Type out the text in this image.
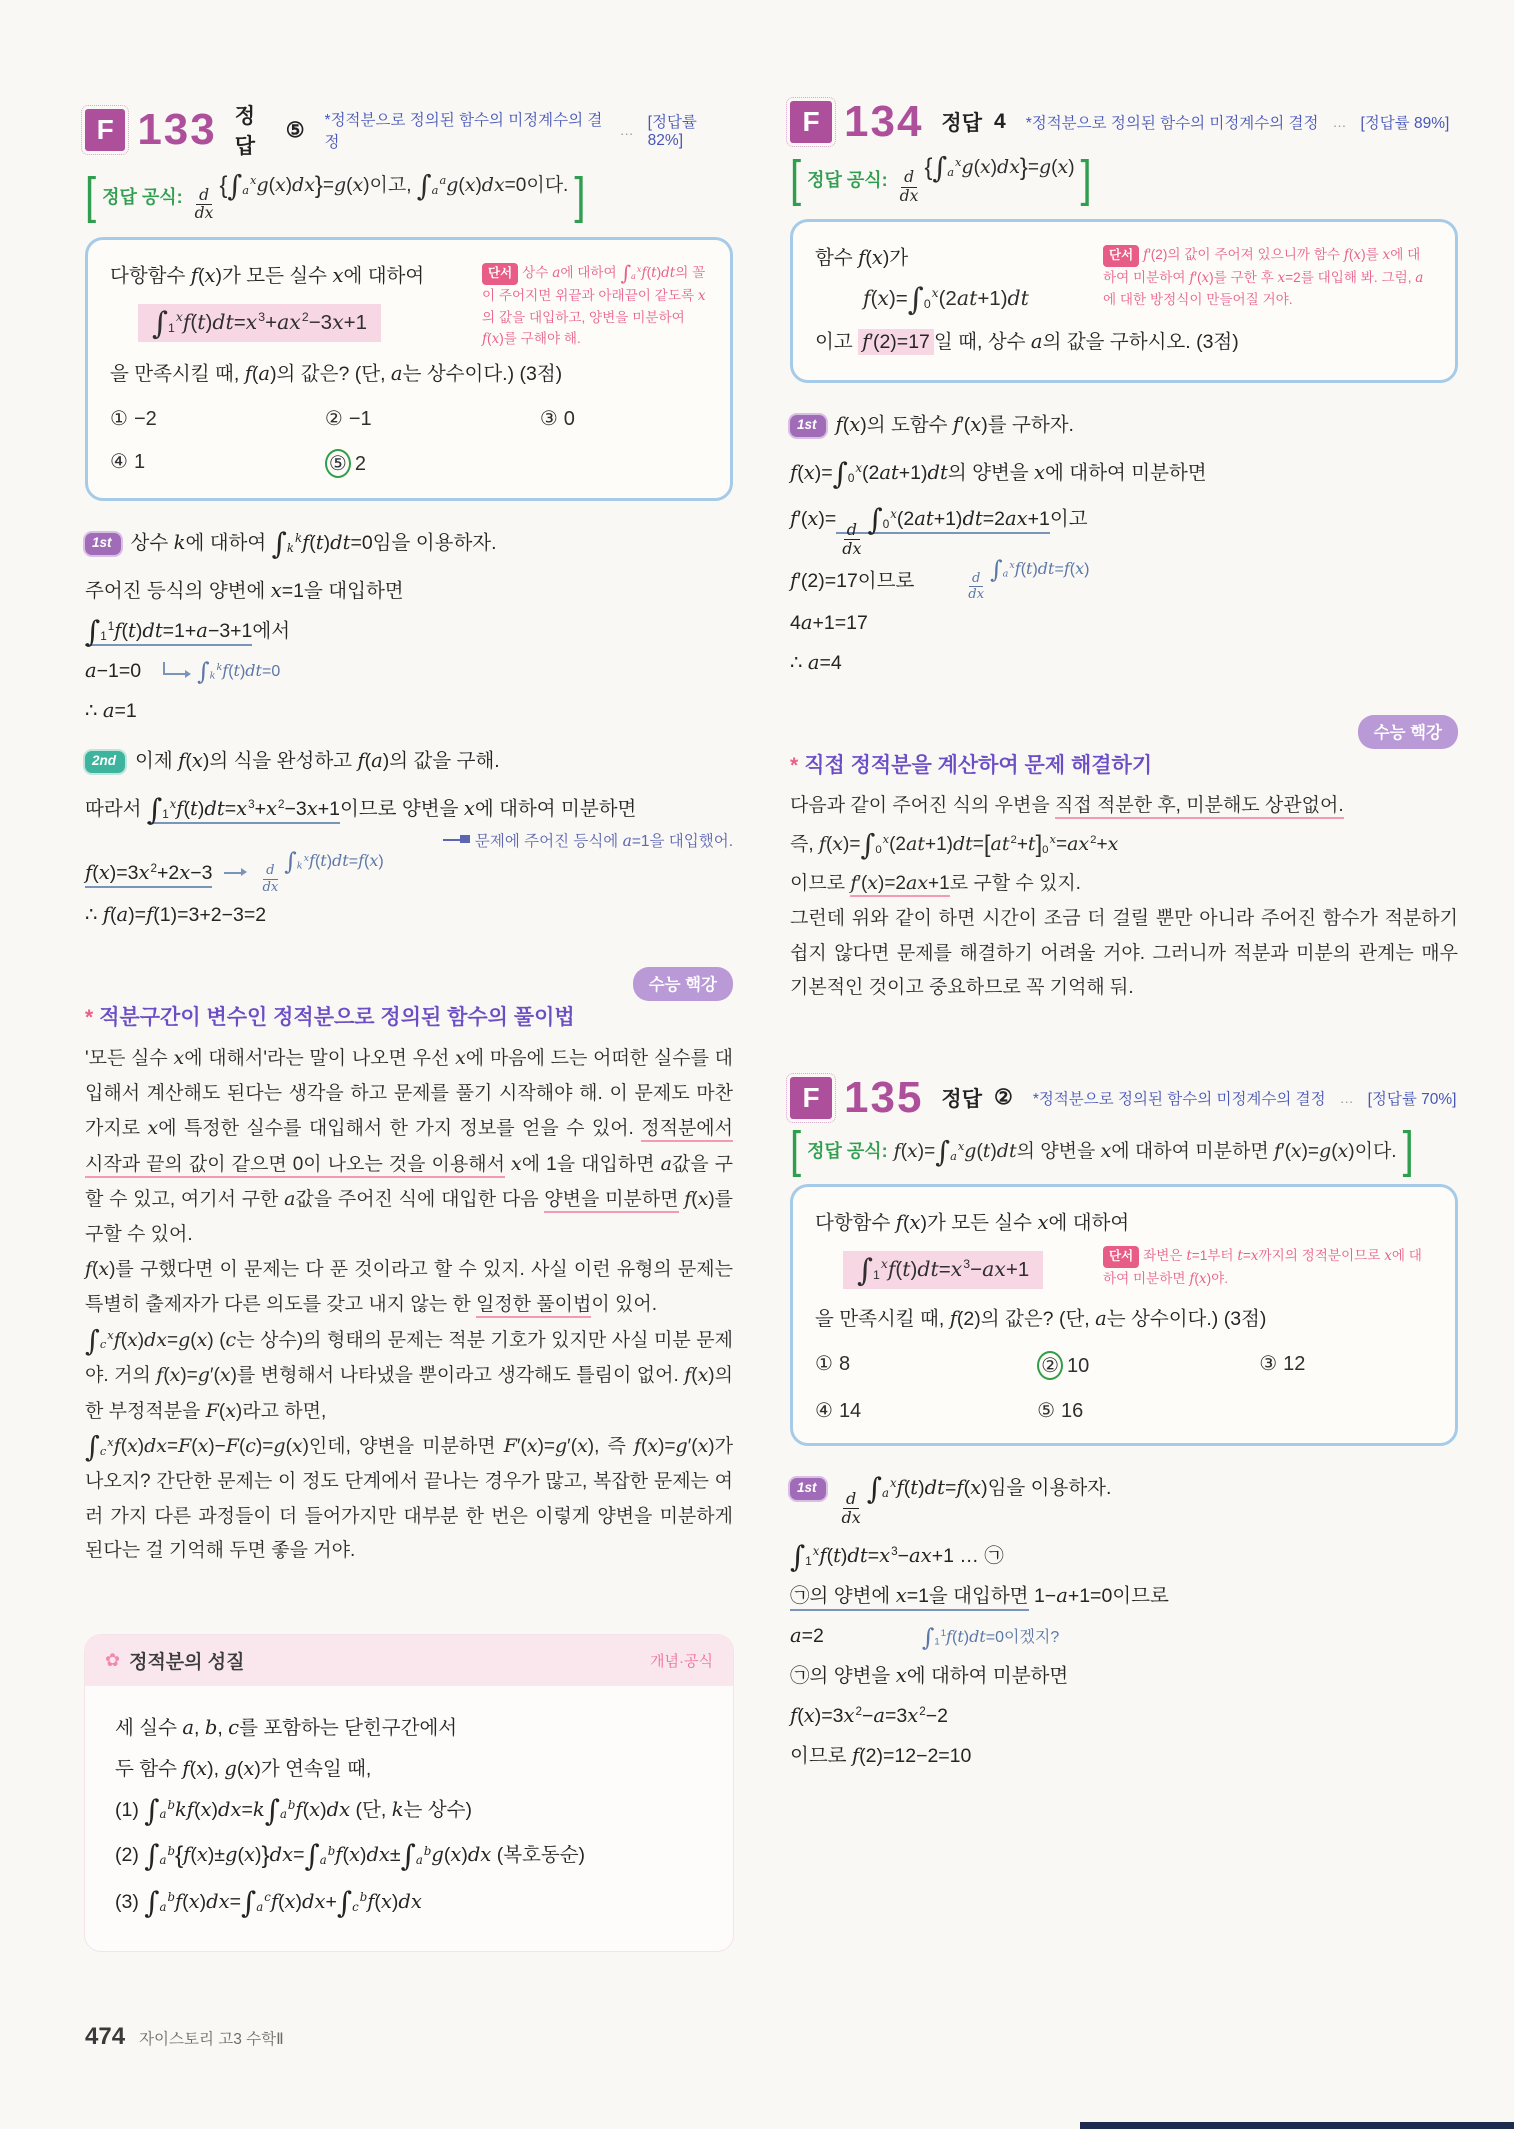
F 133 정답
⑤ *정적분으로 정의된 함수의 미정계수의 결정
… [정답률 82%]
[ 정답 공식: $\frac{d}{dx}$
$\{\int_a^xg(x)dx\}=g(x)$이고, $\int_a^ag(x)dx=0$이다. ]
다항함수 f(x)가 모든 실수 x에 대하여
$\int_1^xf(t)dt=x^3+ax^2-3x+1$
단서 상수 a에 대하여 $\int_a^xf(t)dt$의 꼴이 주어지면 위끝과 아래끝이 같도록 x의 값을 대입하고, 양변을 미분하여 f(x)를 구해야 해.
을 만족시킬 때, f(a)의 값은? (단, a는 상수이다.) (3점)
① −2	② −1	③ 0
④ 1	⑤ 2
1st 상수 k에 대하여 $\int_k^kf(t)dt=0$임을 이용하자.
주어진 등식의 양변에 x=1을 대입하면
$\int_1^1f(t)dt=1+a-3+1$에서
a−1=0 $\int_k^kf(t)dt=0$
∴ a=1
2nd 이제 f(x)의 식을 완성하고 f(a)의 값을 구해.
따라서 $\int_1^xf(t)dt=x^3+x^2-3x+1$이므로 양변을 x에 대하여 미분하면
문제에 주어진 등식에 a=1을 대입했어.
$f(x)=3x^2+2x-3$	$\frac{d}{dx}$
$\int_k^xf(t)dt=f(x)$
∴ f(a)=f(1)=3+2−3=2
수능 핵강
* 적분구간이 변수인 정적분으로 정의된 함수의 풀이법

'모든 실수 x에 대해서'라는 말이 나오면 우선 x에 마음에 드는 어떠한 실수를 대입해서 계산해도 된다는 생각을 하고 문제를 풀기 시작해야 해. 이 문제도 마찬가지로 x에 특정한 실수를 대입해서 한 가지 정보를 얻을 수 있어. 정적분에서 시작과 끝의 값이 같으면 0이 나오는 것을 이용해서 x에 1을 대입하면 a값을 구할 수 있고, 여기서 구한 a값을 주어진 식에 대입한 다음 양변을 미분하면 f(x)를 구할 수 있어.

f(x)를 구했다면 이 문제는 다 푼 것이라고 할 수 있지. 사실 이런 유형의 문제는 특별히 출제자가 다른 의도를 갖고 내지 않는 한 일정한 풀이법이 있어.

$\int_c^xf(x)dx=g(x)$ (c는 상수)의 형태의 문제는 적분 기호가 있지만 사실 미분 문제야. 거의 f(x)=g′(x)를 변형해서 나타냈을 뿐이라고 생각해도 틀림이 없어. f(x)의 한 부정적분을 F(x)라고 하면,

$\int_c^xf(x)dx=F(x)-F(c)=g(x)$인데, 양변을 미분하면 F′(x)=g′(x), 즉 f(x)=g′(x)가 나오지? 간단한 문제는 이 정도 단계에서 끝나는 경우가 많고, 복잡한 문제는 여러 가지 다른 과정들이 더 들어가지만 대부분 한 번은 이렇게 양변을 미분하게 된다는 걸 기억해 두면 좋을 거야.

✿ 정적분의 성질	개념·공식
세 실수 a, b, c를 포함하는 닫힌구간에서
두 함수 f(x), g(x)가 연속일 때,
(1) $\int_a^bkf(x)dx=k\int_a^bf(x)dx$ (단, k는 상수)
(2) $\int_a^b\{f(x)\pm g(x)\}dx=\int_a^bf(x)dx\pm\int_a^bg(x)dx$ (복호동순)
(3) $\int_a^bf(x)dx=\int_a^cf(x)dx+\int_c^bf(x)dx$
F 134 정답 4 *정적분으로 정의된 함수의 미정계수의 결정 … [정답률 89%]
[ 정답 공식: $\frac{d}{dx}$
$\{\int_a^xg(x)dx\}=g(x)$ ]
함수 f(x)가
$f(x)=\int_0^x(2at+1)dt$
단서 f′(2)의 값이 주어져 있으니까 함수 f(x)를 x에 대하여 미분하여 f′(x)를 구한 후 x=2를 대입해 봐. 그럼, a에 대한 방정식이 만들어질 거야.
이고 f′(2)=17 일 때, 상수 a의 값을 구하시오. (3점)
1st f(x)의 도함수 f′(x)를 구하자.
$f(x)=\int_0^x(2at+1)dt$의 양변을 x에 대하여 미분하면
f′(x)=
$\frac{d}{dx}$
$\int_0^x(2at+1)dt=2ax+1$이고
f′(2)=17이므로	$\frac{d}{dx}$
$\int_a^xf(t)dt=f(x)$
4a+1=17
∴ a=4
수능 핵강
* 직접 정적분을 계산하여 문제 해결하기

다음과 같이 주어진 식의 우변을 직접 적분한 후, 미분해도 상관없어.

즉, $f(x)=\int_0^x(2at+1)dt=[at^2+t]_0^x=ax^2+x$

이므로 f′(x)=2ax+1로 구할 수 있지.

그런데 위와 같이 하면 시간이 조금 더 걸릴 뿐만 아니라 주어진 함수가 적분하기 쉽지 않다면 문제를 해결하기 어려울 거야. 그러니까 적분과 미분의 관계는 매우 기본적인 것이고 중요하므로 꼭 기억해 둬.

F 135 정답 ② *정적분으로 정의된 함수의 미정계수의 결정 … [정답률 70%]
[ 정답 공식: $f(x)=\int_a^xg(t)dt$의 양변을 x에 대하여 미분하면 f′(x)=g(x)이다. ]
다항함수 f(x)가 모든 실수 x에 대하여
$\int_1^xf(t)dt=x^3-ax+1$
단서 좌변은 t=1부터 t=x까지의 정적분이므로 x에 대하여 미분하면 f(x)야.
을 만족시킬 때, f(2)의 값은? (단, a는 상수이다.) (3점)
① 8	② 10	③ 12
④ 14	⑤ 16
1st
$\frac{d}{dx}$
$\int_a^xf(t)dt=f(x)$임을 이용하자.
$\int_1^xf(t)dt=x^3-ax+1$ … ㉠
㉠의 양변에 x=1을 대입하면 1−a+1=0이므로
a=2	$\int_1^1f(t)dt=0$이겠지?
㉠의 양변을 x에 대하여 미분하면
$f(x)=3x^2-a=3x^2-2$
이므로 f(2)=12−2=10
474 자이스토리 고3 수학Ⅱ
